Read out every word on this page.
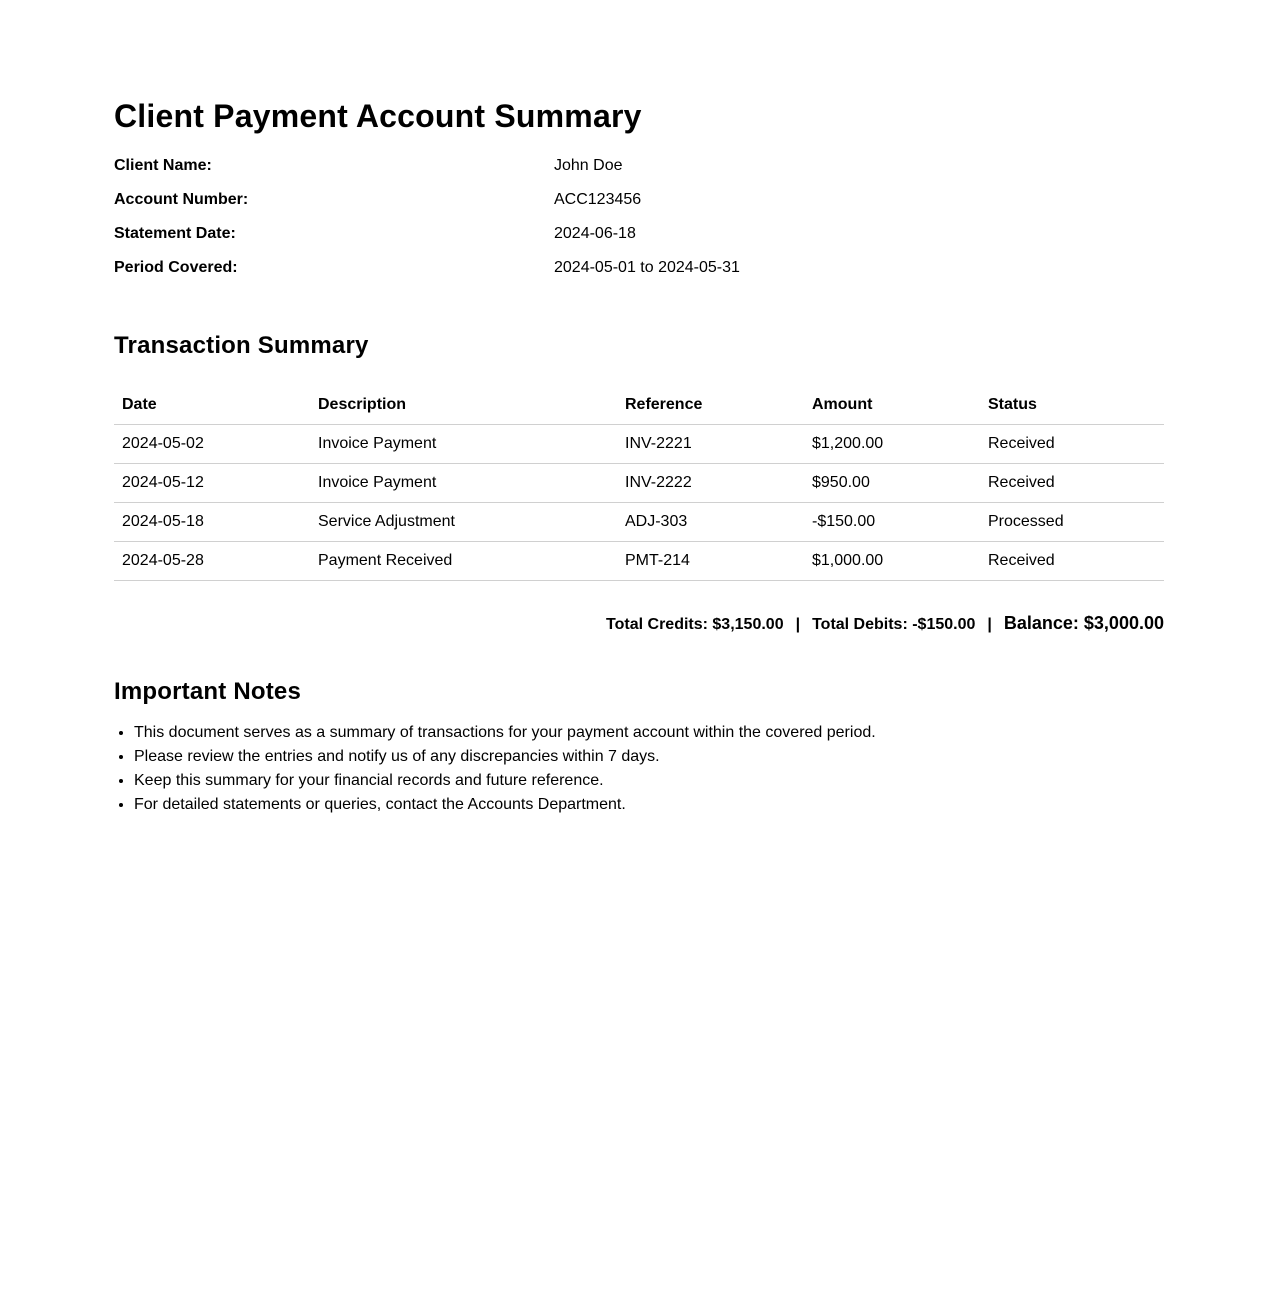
Client Payment Account Summary
Client Name:	John Doe
Account Number:	ACC123456
Statement Date:	2024-06-18
Period Covered:	2024-05-01 to 2024-05-31
Transaction Summary
Date	Description	Reference	Amount	Status
2024-05-02	Invoice Payment	INV-2221	$1,200.00	Received
2024-05-12	Invoice Payment	INV-2222	$950.00	Received
2024-05-18	Service Adjustment	ADJ-303	-$150.00	Processed
2024-05-28	Payment Received	PMT-214	$1,000.00	Received
Total Credits: $3,150.00 | Total Debits: -$150.00 | Balance: $3,000.00
Important Notes
• This document serves as a summary of transactions for your payment account within the covered period.
• Please review the entries and notify us of any discrepancies within 7 days.
• Keep this summary for your financial records and future reference.
• For detailed statements or queries, contact the Accounts Department.
